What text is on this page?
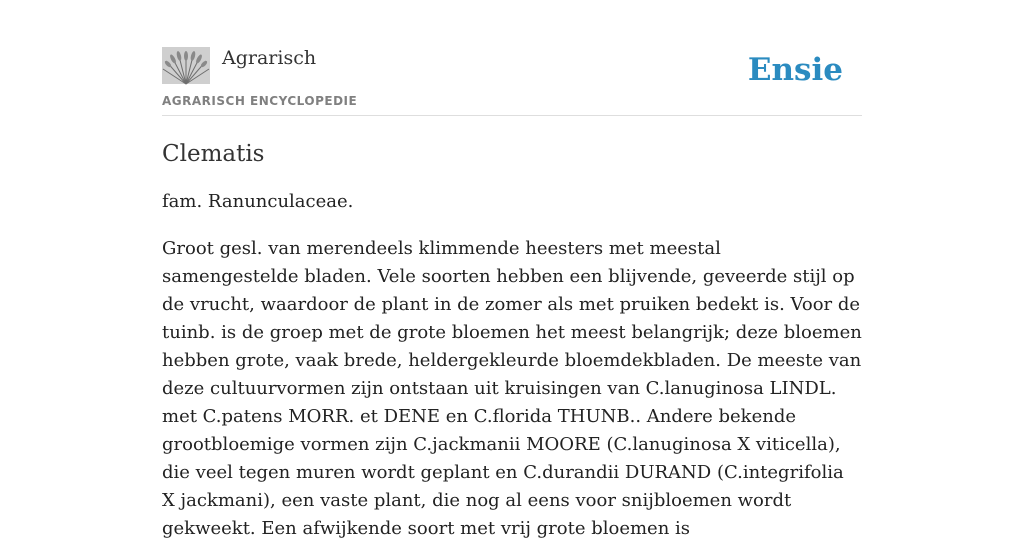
Agrarisch
AGRARISCH ENCYCLOPEDIE
Ensie
Clematis

fam. Ranunculaceae.

Groot gesl. van merendeels klimmende heesters met meestal samengestelde bladen. Vele soorten hebben een blijvende, geveerde stijl op de vrucht, waardoor de plant in de zomer als met pruiken bedekt is. Voor de tuinb. is de groep met de grote bloemen het meest belangrijk; deze bloemen hebben grote, vaak brede, heldergekleurde bloemdekbladen. De meeste van deze cultuurvormen zijn ontstaan uit kruisingen van C.lanuginosa LINDL. met C.patens MORR. et DENE en C.florida THUNB.. Andere bekende grootbloemige vormen zijn C.jackmanii MOORE (C.lanuginosa X viticella), die veel tegen muren wordt geplant en C.durandii DURAND (C.integrifolia X jackmani), een vaste plant, die nog al eens voor snijbloemen wordt gekweekt. Een afwijkende soort met vrij grote bloemen is
